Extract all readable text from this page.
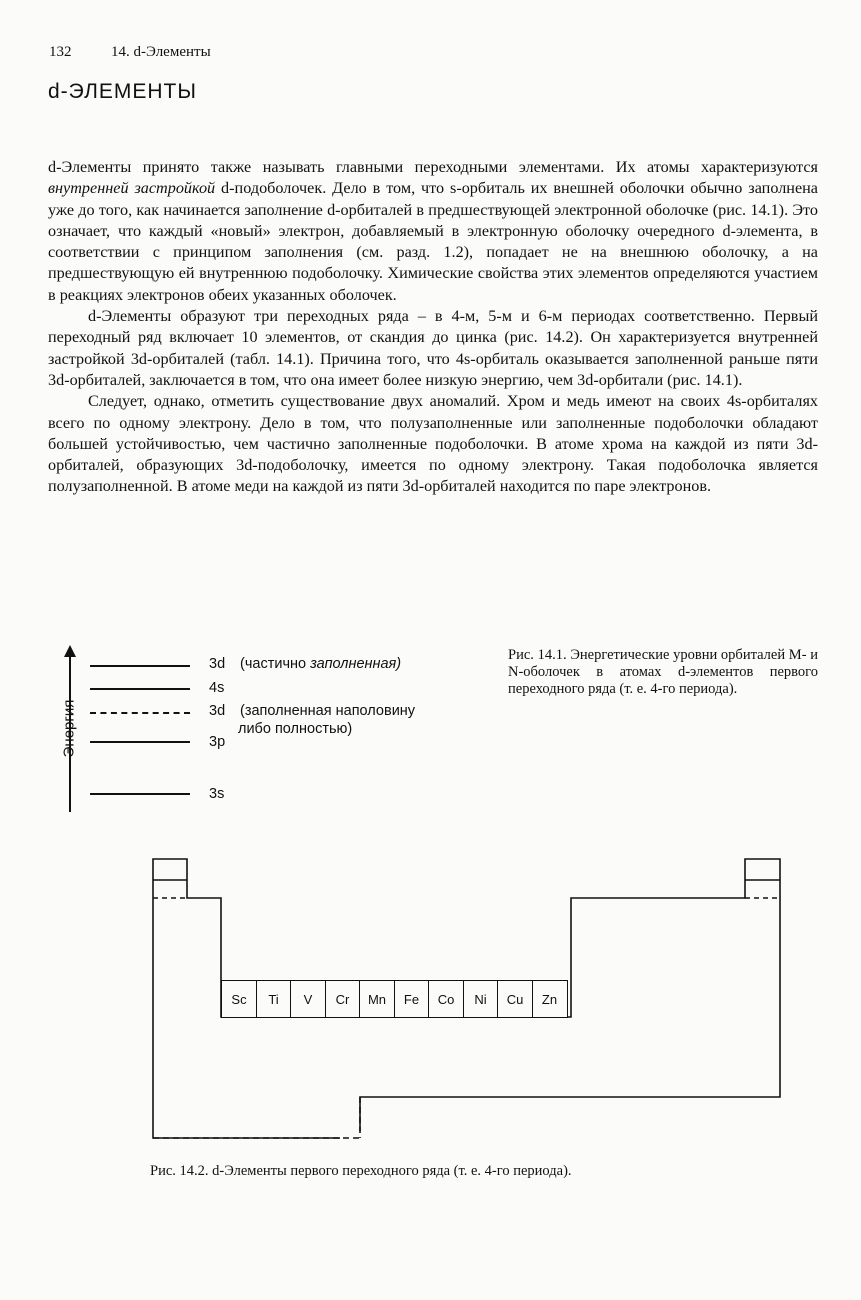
132	14. d-Элементы
d-ЭЛЕМЕНТЫ

d-Элементы принято также называть главными переходными элементами. Их атомы характеризуются внутренней застройкой d-подоболочек. Дело в том, что s-орбиталь их внешней оболочки обычно заполнена уже до того, как начинается заполнение d-орбиталей в предшествующей электронной оболочке (рис. 14.1). Это означает, что каждый «новый» электрон, добавляемый в электронную оболочку очередного d-элемента, в соответствии с принципом заполнения (см. разд. 1.2), попадает не на внешнюю оболочку, а на предшествующую ей внутреннюю подоболочку. Химические свойства этих элементов определяются участием в реакциях электронов обеих указанных оболочек.

d-Элементы образуют три переходных ряда – в 4-м, 5-м и 6-м периодах соответственно. Первый переходный ряд включает 10 элементов, от скандия до цинка (рис. 14.2). Он характеризуется внутренней застройкой 3d-орбиталей (табл. 14.1). Причина того, что 4s-орбиталь оказывается заполненной раньше пяти 3d-орбиталей, заключается в том, что она имеет более низкую энергию, чем 3d-орбитали (рис. 14.1).

Следует, однако, отметить существование двух аномалий. Хром и медь имеют на своих 4s-орбиталях всего по одному электрону. Дело в том, что полузаполненные или заполненные подоболочки обладают большей устойчивостью, чем частично заполненные подоболочки. В атоме хрома на каждой из пяти 3d-орбиталей, образующих 3d-подоболочку, имеется по одному электрону. Такая подоболочка является полузаполненной. В атоме меди на каждой из пяти 3d-орбиталей находится по паре электронов.

Энергия
3d (частично заполненная)
4s
3d (заполненная наполовину
либо полностью)
3p
3s
Рис. 14.1. Энергетические уровни орбиталей M- и N-оболочек в атомах d-элементов первого переходного ряда (т. е. 4-го периода).
Sc	Ti	V	Cr	Mn	Fe	Co	Ni	Cu	Zn
Рис. 14.2. d-Элементы первого переходного ряда (т. е. 4-го периода).
